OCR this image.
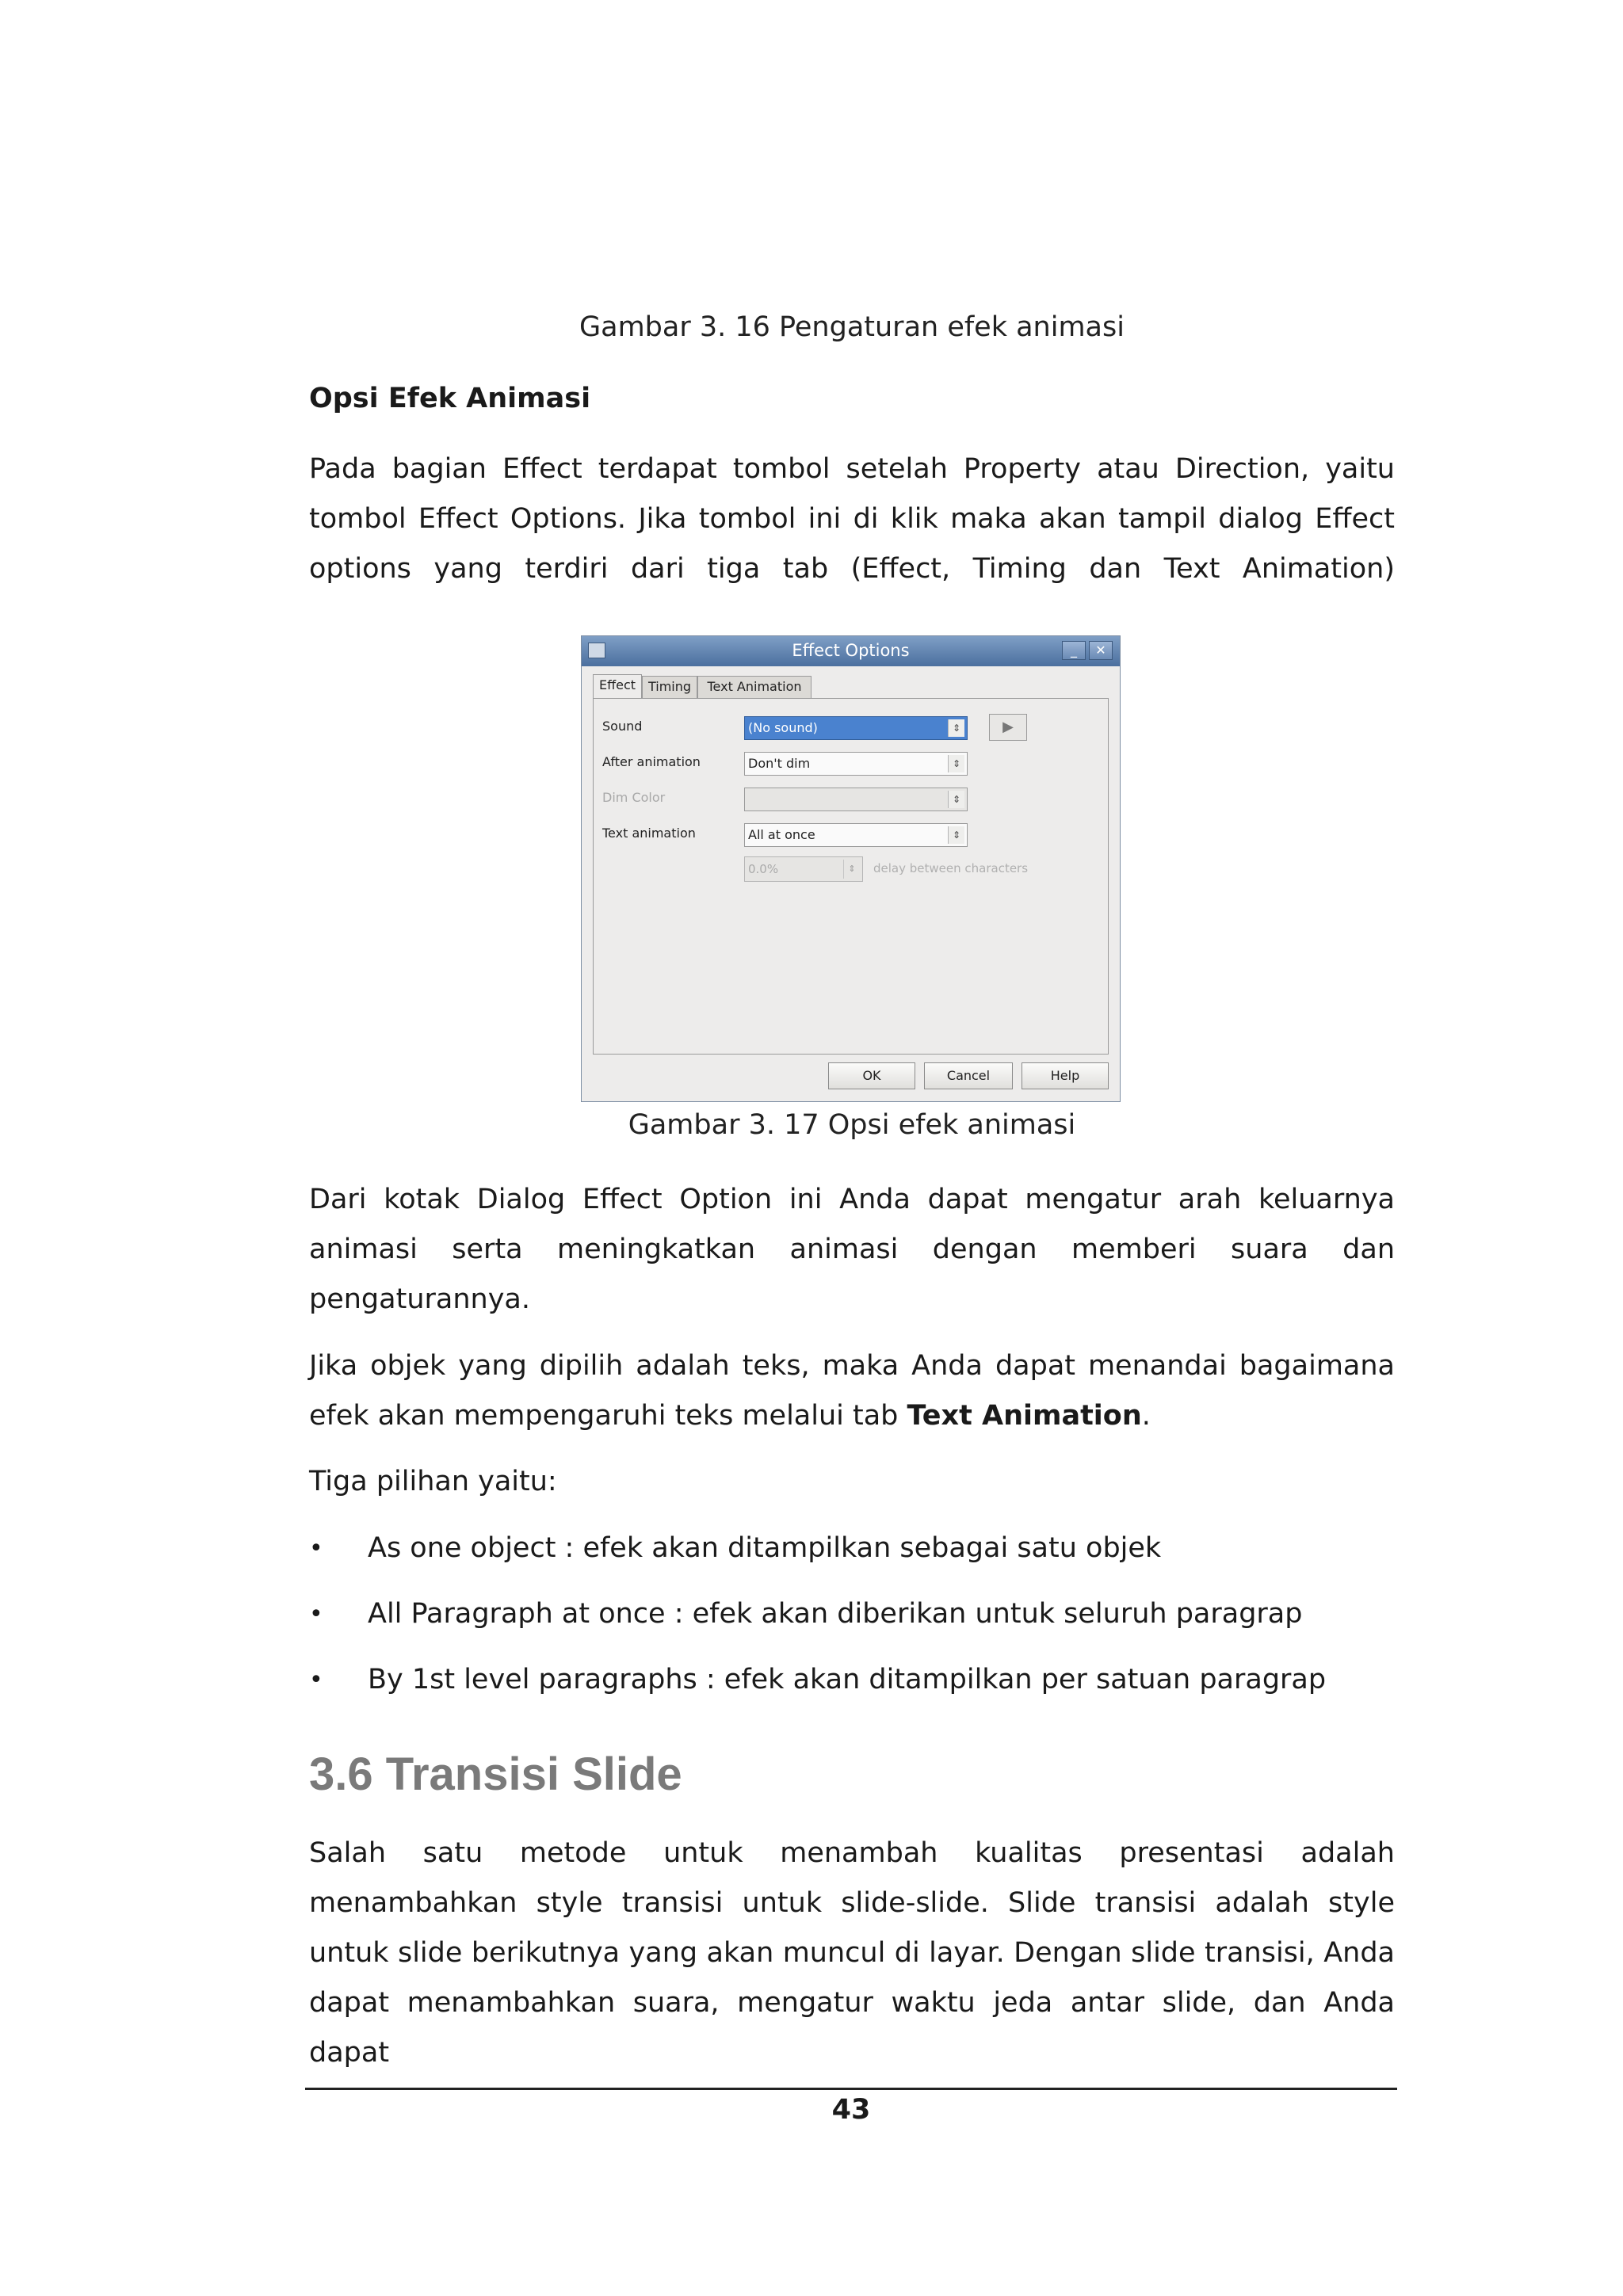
Gambar 3. 16 Pengaturan efek animasi
Opsi Efek Animasi
Pada bagian Effect terdapat tombol setelah Property atau Direction, yaitu tombol Effect Options. Jika tombol ini di klik maka akan tampil dialog Effect options yang terdiri dari tiga tab (Effect, Timing dan Text Animation)
Effect Options	_	✕
Effect Timing	Text Animation
Sound	(No sound)	⇕	▶
After animation	Don't dim	⇕
Dim Color	⇕
Text animation	All at once	⇕
0.0%	⇕	delay between characters
OK	Cancel	Help
Gambar 3. 17 Opsi efek animasi
Dari kotak Dialog Effect Option ini Anda dapat mengatur arah keluarnya animasi serta meningkatkan animasi dengan memberi suara dan pengaturannya.
Jika objek yang dipilih adalah teks, maka Anda dapat menandai bagaimana efek akan mempengaruhi teks melalui tab Text Animation.
Tiga pilihan yaitu:
•	As one object : efek akan ditampilkan sebagai satu objek
•	All Paragraph at once : efek akan diberikan untuk seluruh paragrap
•	By 1st level paragraphs : efek akan ditampilkan per satuan paragrap
3.6 Transisi Slide
Salah satu metode untuk menambah kualitas presentasi adalah menambahkan style transisi untuk slide-slide. Slide transisi adalah style untuk slide berikutnya yang akan muncul di layar. Dengan slide transisi, Anda dapat menambahkan suara, mengatur waktu jeda antar slide, dan Anda dapat
43
